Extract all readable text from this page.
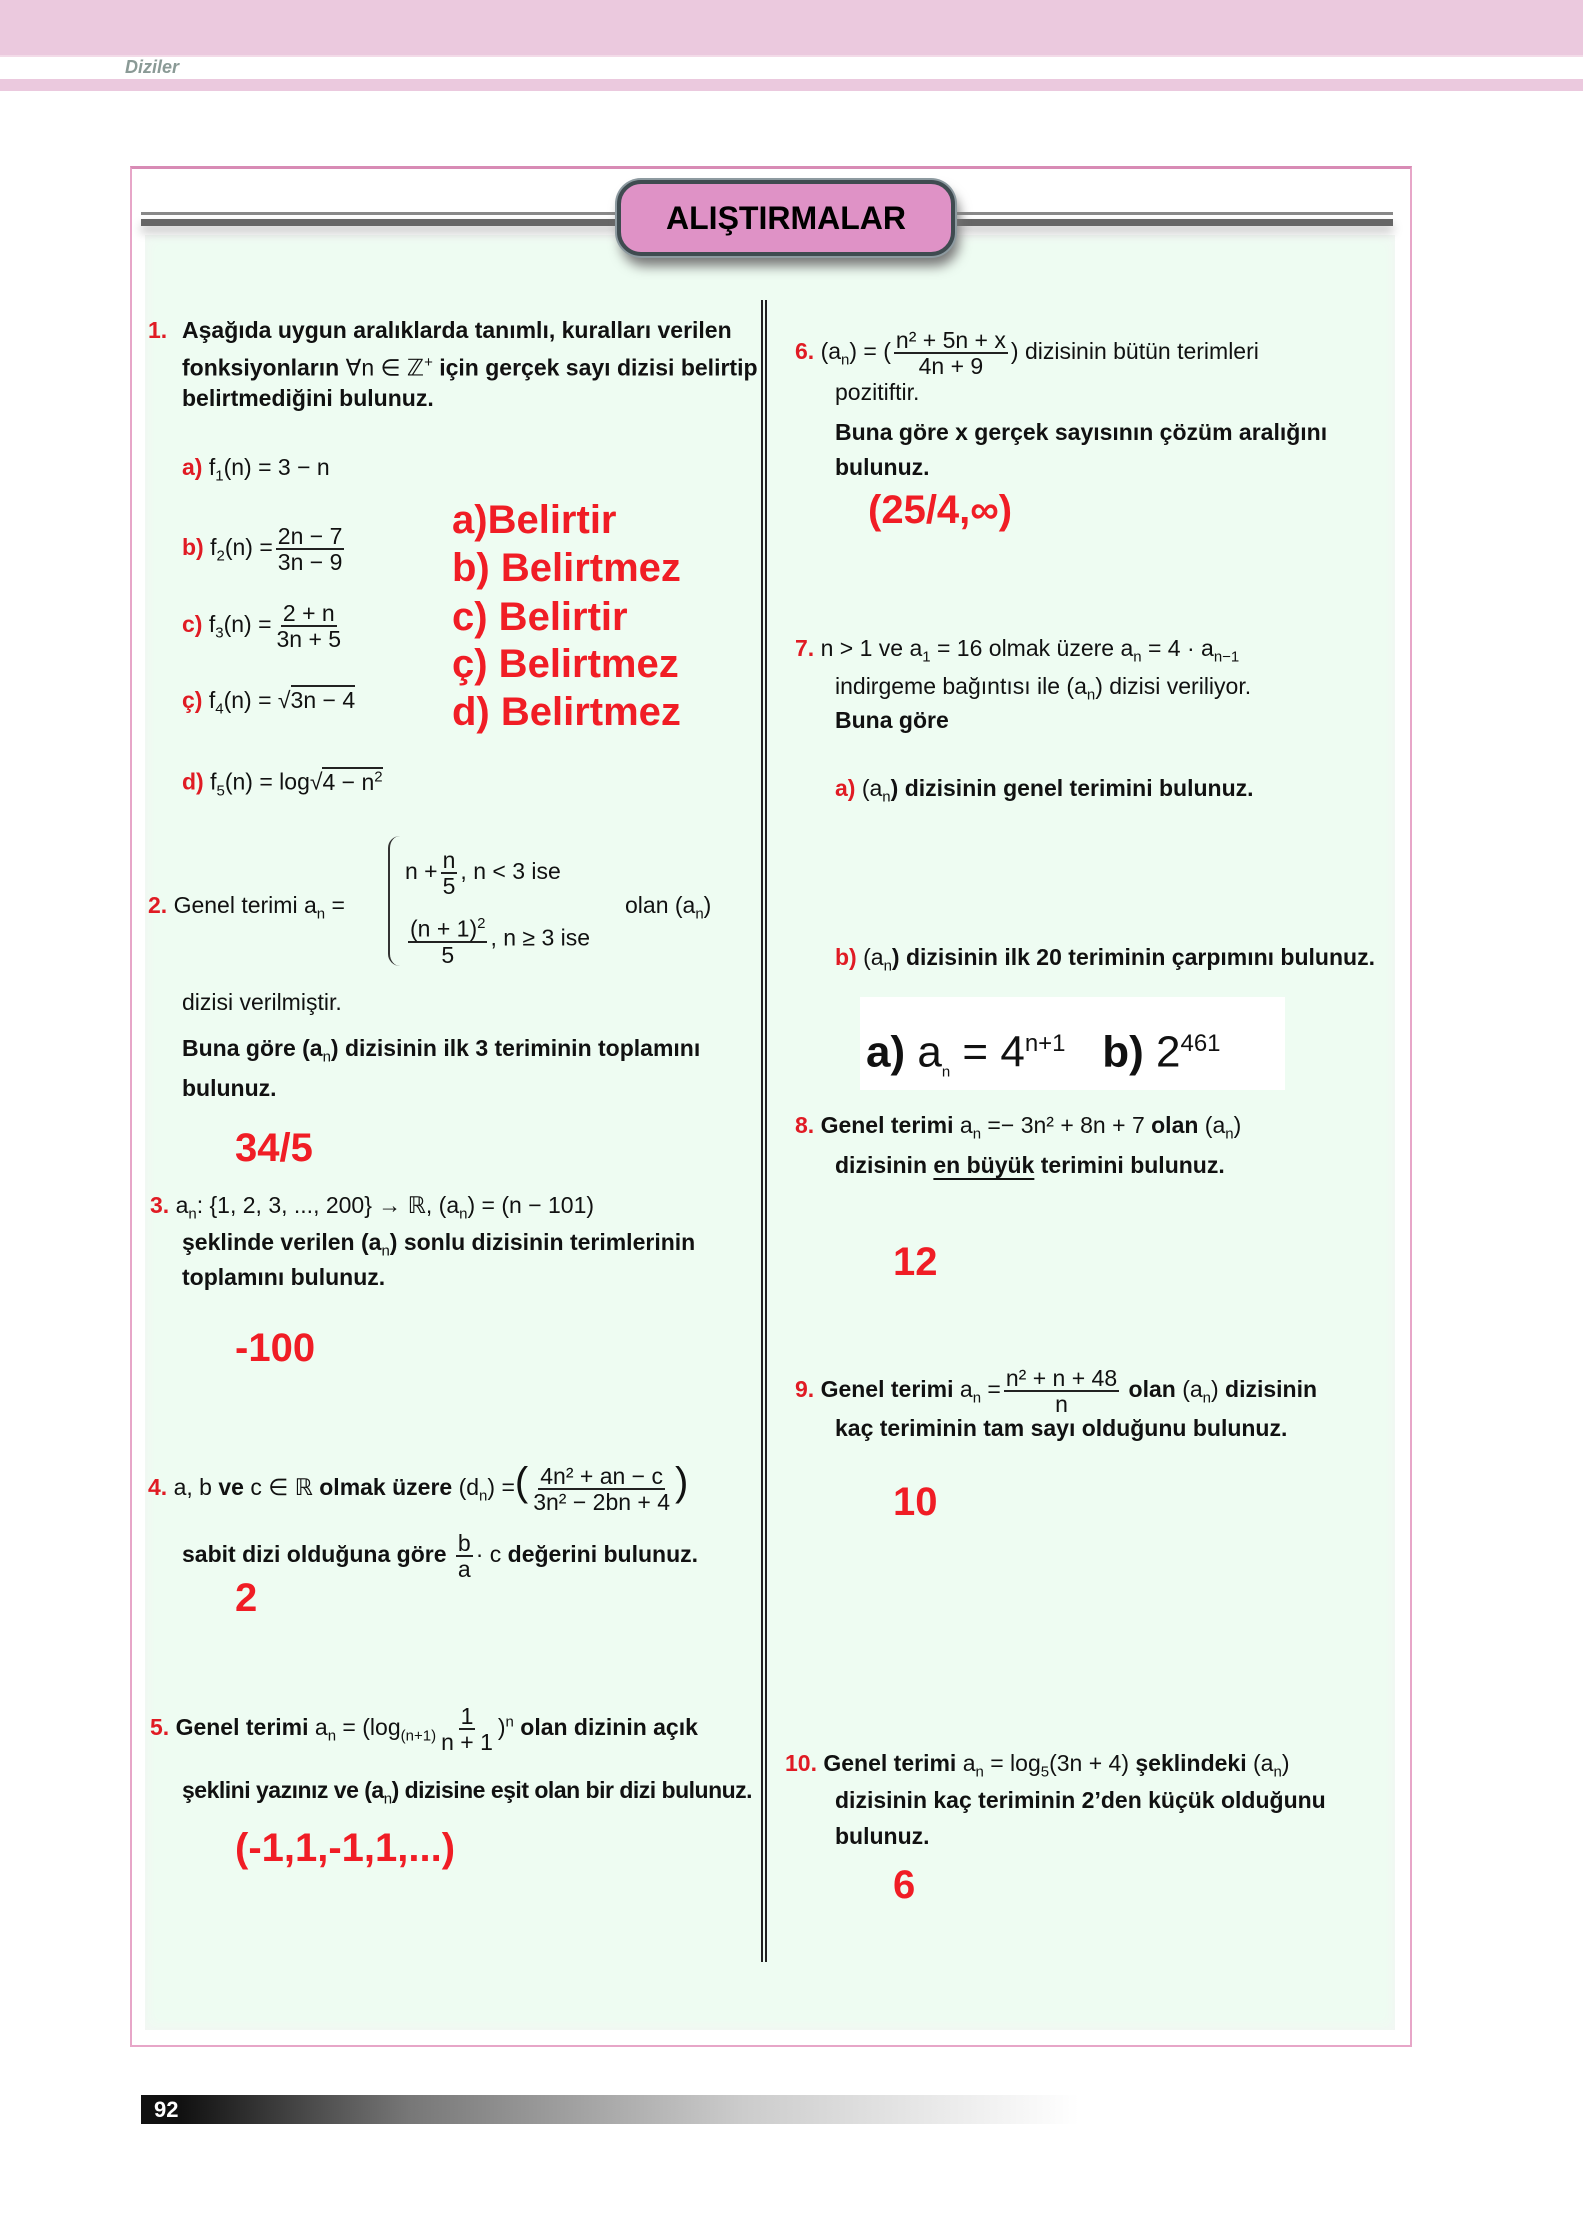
Diziler
ALIŞTIRMALAR
1. Aşağıda uygun aralıklarda tanımlı, kuralları verilen
fonksiyonların ∀n ∈ ℤ+ için gerçek sayı dizisi belirtip
belirtmediğini bulunuz.
a) $f_1(n) = 3 - n$
b) $f_2(n) = \frac{2n - 7}{3n - 9}$
c) $f_3(n) = \frac{2 + n}{3n + 5}$
ç) $f_4(n) = √3n - 4$
d) $f_5(n) = \log√4 - n^2$
a)Belirtir
b) Belirtmez
c) Belirtir
ç) Belirtmez
d) Belirtmez
2. Genel terimi $a_n$ =
$n + \frac{n}{5}$ , n < 3 ise
$\frac{(n + 1)^2}{5}$ , n ≥ 3 ise
olan $(a_n)$
dizisi verilmiştir.
Buna göre $(a_n)$ dizisinin ilk 3 teriminin toplamını
bulunuz.
34/5
3. $a_n$: {1, 2, 3, ..., 200} → ℝ, $(a_n) = (n - 101)$
şeklinde verilen $(a_n)$ sonlu dizisinin terimlerinin
toplamını bulunuz.
-100
4. a, b ve c ∈ ℝ olmak üzere $(d_n)$ =( $\frac{\text{4n² + an − c}}{\text{3n² − 2bn + 4}}$ )
sabit dizi olduğuna göre $\frac{b}{a} \cdot c$ değerini bulunuz.
2
5. Genel terimi $a_n = (\log_{(n+1)} \frac{1}{n + 1} )^n$ olan dizinin açık
şeklini yazınız ve $(a_n)$ dizisine eşit olan bir dizi bulunuz.
(-1,1,-1,1,...)
6. $(a_n)$ = ( $\frac{\text{n² + 5n + x}}{4n + 9}$ ) dizisinin bütün terimleri
pozitiftir.
Buna göre x gerçek sayısının çözüm aralığını
bulunuz.
(25/4,∞)
7. n > 1 ve $a_1 = 16$ olmak üzere $a_n = 4 \cdot a_{n-1}$
indirgeme bağıntısı ile $(a_n)$ dizisi veriliyor.
Buna göre
a) $(a_n)$ dizisinin genel terimini bulunuz.
b) $(a_n)$ dizisinin ilk 20 teriminin çarpımını bulunuz.
a) $a_n = 4^{n+1}$ b) $2^{461}$
8. Genel terimi $a_n =- 3n^2 + 8n + 7$ olan $(a_n)$
dizisinin en büyük terimini bulunuz.
12
9. Genel terimi $a_n = \frac{\text{n² + n + 48}}{n}$ olan $(a_n)$ dizisinin
kaç teriminin tam sayı olduğunu bulunuz.
10
10. Genel terimi $a_n = \log_5(3n + 4)$ şeklindeki $(a_n)$
dizisinin kaç teriminin 2’den küçük olduğunu
bulunuz.
6
92
